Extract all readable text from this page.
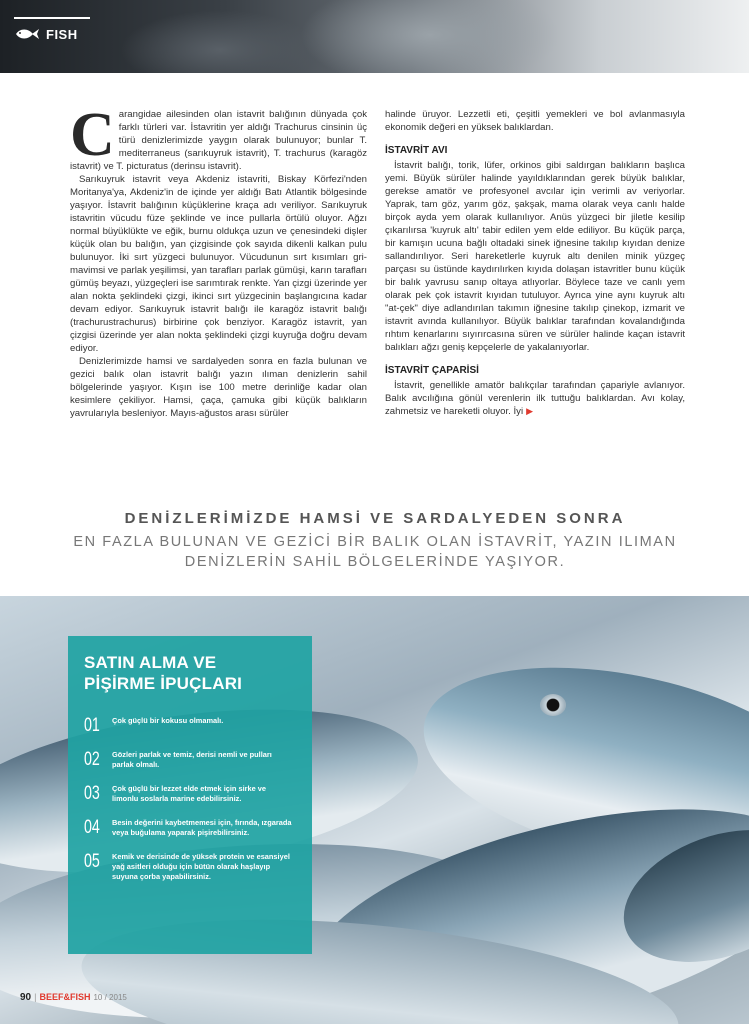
FISH

Carangidae ailesinden olan istavrit balığının dünyada çok farklı türleri var. İstavritin yer aldığı Trachurus cinsinin üç türü denizlerimizde yaygın olarak bulunuyor; bunlar T. mediterraneus (sarıkuyruk istavrit), T. trachurus (karagöz istavrit) ve T. picturatus (derinsu istavrit).

Sarıkuyruk istavrit veya Akdeniz istavriti, Biskay Körfezi'nden Moritanya'ya, Akdeniz'in de içinde yer aldığı Batı Atlantik bölgesinde yaşıyor. İstavrit balığının küçüklerine kraça adı veriliyor. Sarıkuyruk istavritin vücudu füze şeklinde ve ince pullarla örtülü oluyor. Ağzı normal büyüklükte ve eğik, burnu oldukça uzun ve çenesindeki dişler küçük olan bu balığın, yan çizgisinde çok sayıda dikenli kalkan pulu bulunuyor. İki sırt yüzgeci bulunuyor. Vücudunun sırt kısımları gri-mavimsi ve parlak yeşilimsi, yan tarafları parlak gümüşi, karın tarafları gümüş beyazı, yüzgeçleri ise sarımtırak renkte. Yan çizgi üzerinde yer alan nokta şeklindeki çizgi, ikinci sırt yüzgecinin başlangıcına kadar devam ediyor. Sarıkuyruk istavrit balığı ile karagöz istavrit balığı (trachurustrachurus) birbirine çok benziyor. Karagöz istavrit, yan çizgisi üzerinde yer alan nokta şeklindeki çizgi kuyruğa doğru devam ediyor.

Denizlerimizde hamsi ve sardalyeden sonra en fazla bulunan ve gezici balık olan istavrit balığı yazın ılıman denizlerin sahil bölgelerinde yaşıyor. Kışın ise 100 metre derinliğe kadar olan kesimlere çekiliyor. Hamsi, çaça, çamuka gibi küçük balıkların yavrularıyla besleniyor. Mayıs-ağustos arası sürüler

halinde üruyor. Lezzetli eti, çeşitli yemekleri ve bol avlanmasıyla ekonomik değeri en yüksek balıklardan.

İSTAVRİT AVI

İstavrit balığı, torik, lüfer, orkinos gibi saldırgan balıkların başlıca yemi. Büyük sürüler halinde yayıldıklarından gerek büyük balıklar, gerekse amatör ve profesyonel avcılar için verimli av veriyorlar. Yaprak, tam göz, yarım göz, şakşak, mama olarak veya canlı halde birçok ayda yem olarak kullanılıyor. Anüs yüzgeci bir jiletle kesilip çıkarılırsa 'kuyruk altı' tabir edilen yem elde ediliyor. Bu küçük parça, bir kamışın ucuna bağlı oltadaki sinek iğnesine takılıp kıyıdan denize sallandırılıyor. Seri hareketlerle kuyruk altı denilen minik yüzgeç parçası su üstünde kaydırılırken kıyıda dolaşan istavritler bunu küçük bir balık yavrusu sanıp oltaya atlıyorlar. Böylece taze ve canlı yem olarak pek çok istavrit kıyıdan tutuluyor. Ayrıca yine aynı kuyruk altı "at-çek" diye adlandırılan takımın iğnesine takılıp çinekop, izmarit ve istavrit avında kullanılıyor. Büyük balıklar tarafından kovalandığında rıhtım kenarlarını sıyırırcasına süren ve sürüler halinde kaçan istavrit balıkları ağzı geniş kepçelerle de yakalanıyorlar.

İSTAVRİT ÇAPARİSİ

İstavrit, genellikle amatör balıkçılar tarafından çapariyle avlanıyor. Balık avcılığına gönül verenlerin ilk tuttuğu balıklardan. Avı kolay, zahmetsiz ve hareketli oluyor. İyi ▶

DENİZLERİMİZDE HAMSİ VE SARDALYEDEN SONRA
EN FAZLA BULUNAN VE GEZİCİ BİR BALIK OLAN İSTAVRİT, YAZIN ILIMAN DENİZLERİN SAHİL BÖLGELERİNDE YAŞIYOR.
SATIN ALMA VE
PİŞİRME İPUÇLARI
01	Çok güçlü bir kokusu olmamalı.
02	Gözleri parlak ve temiz, derisi nemli ve pulları parlak olmalı.
03	Çok güçlü bir lezzet elde etmek için sirke ve limonlu soslarla marine edebilirsiniz.
04	Besin değerini kaybetmemesi için, fırında, ızgarada veya buğulama yaparak pişirebilirsiniz.
05	Kemik ve derisinde de yüksek protein ve esansiyel yağ asitleri olduğu için bütün olarak haşlayıp suyuna çorba yapabilirsiniz.
90 | BEEF&FISH 10 / 2015
